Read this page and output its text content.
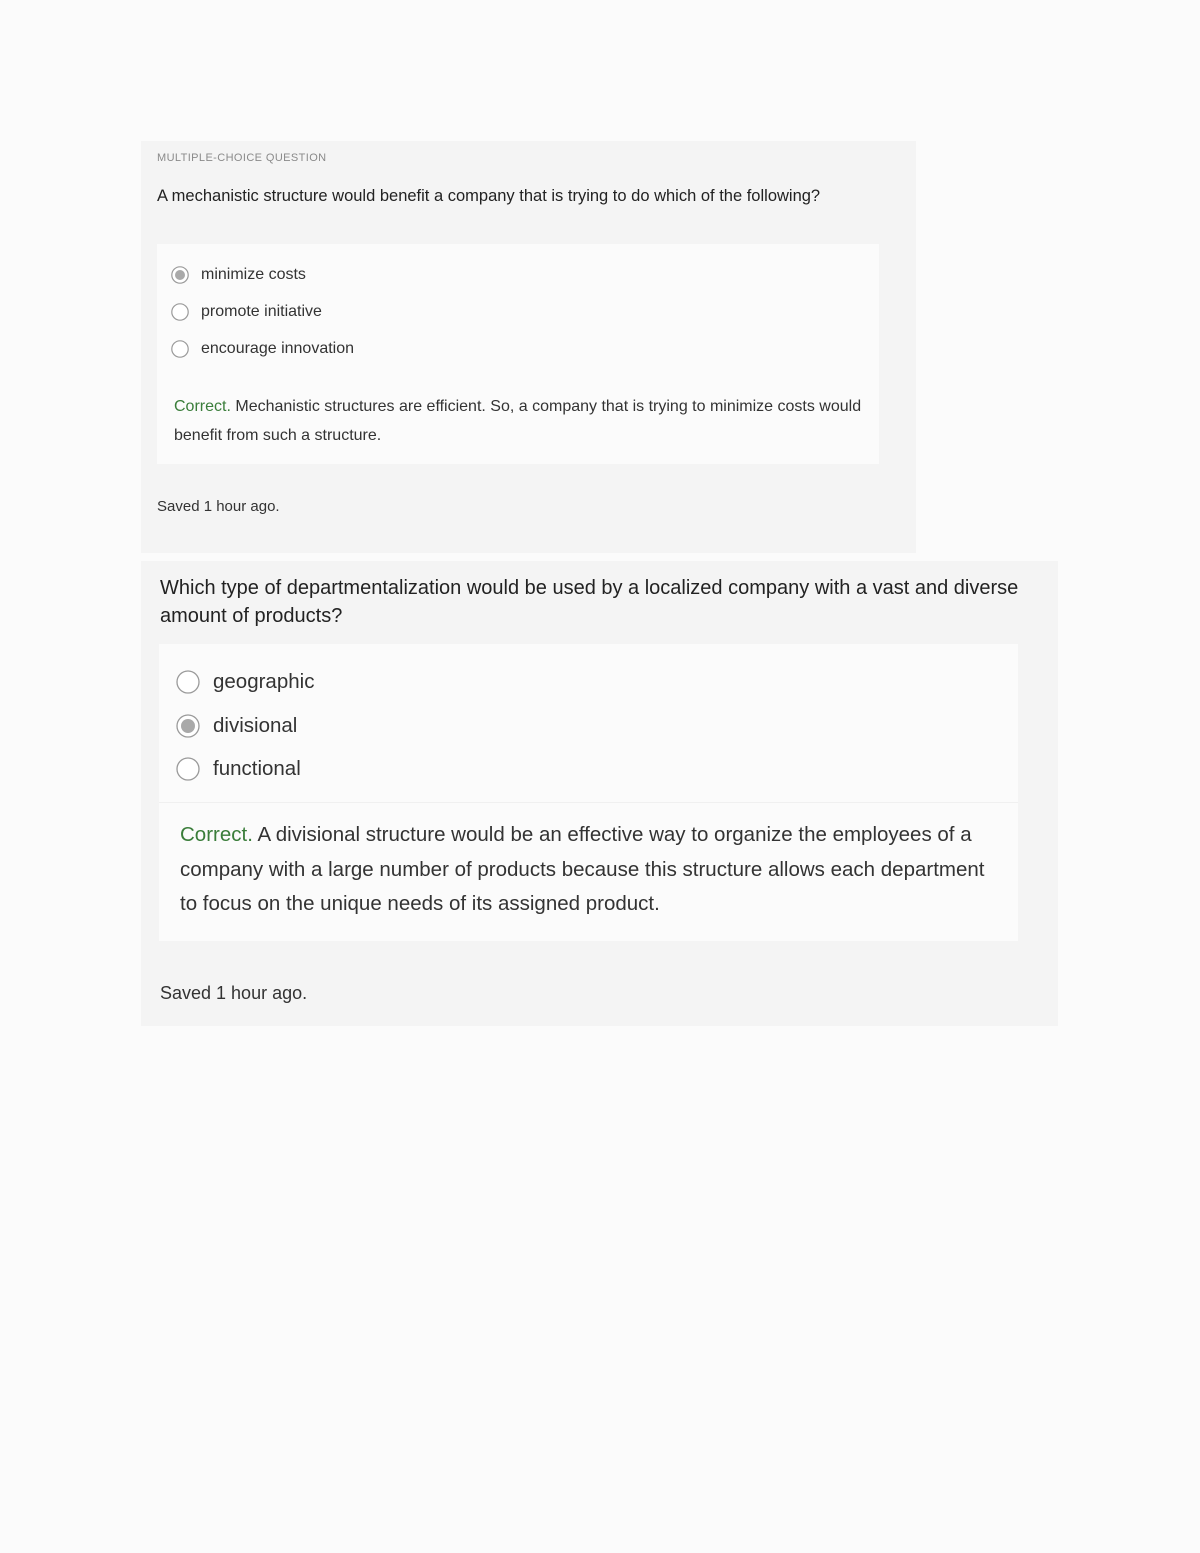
MULTIPLE-CHOICE QUESTION
A mechanistic structure would benefit a company that is trying to do which of the following?
minimize costs
promote initiative
encourage innovation
Correct. Mechanistic structures are efficient. So, a company that is trying to minimize costs would benefit from such a structure.
Saved 1 hour ago.
Which type of departmentalization would be used by a localized company with a vast and diverse amount of products?
geographic
divisional
functional
Correct. A divisional structure would be an effective way to organize the employees of a company with a large number of products because this structure allows each department to focus on the unique needs of its assigned product.
Saved 1 hour ago.
